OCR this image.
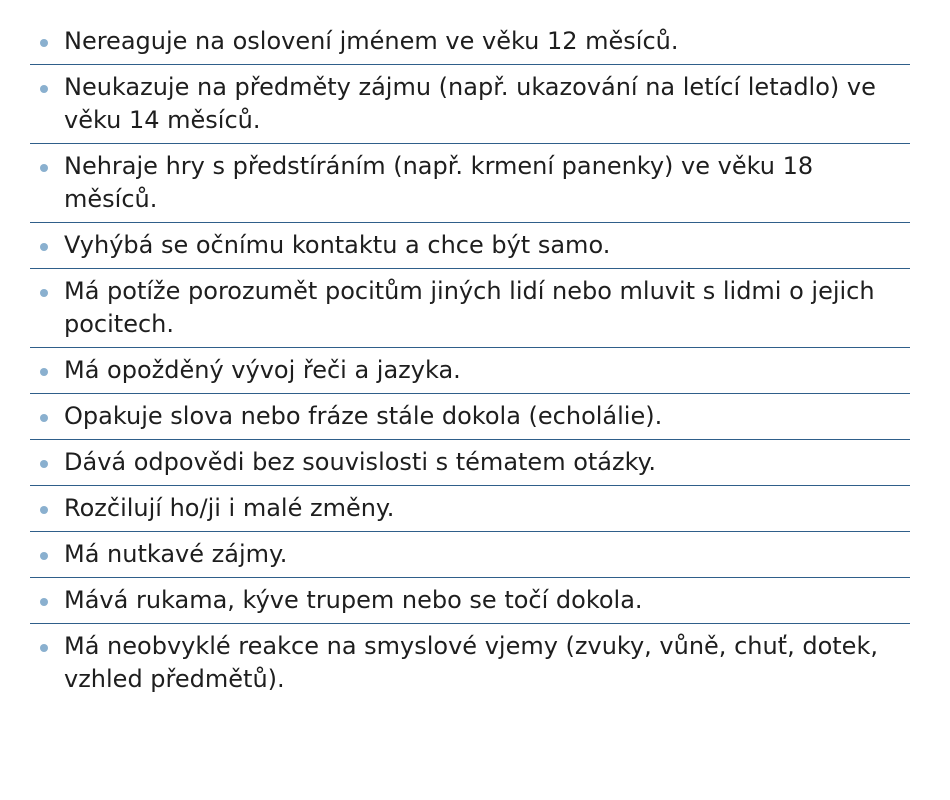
Nereaguje na oslovení jménem ve věku 12 měsíců.
Neukazuje na předměty zájmu (např. ukazování na letící letadlo) ve věku 14 měsíců.
Nehraje hry s předstíráním (např. krmení panenky) ve věku 18 měsíců.
Vyhýbá se očnímu kontaktu a chce být samo.
Má potíže porozumět pocitům jiných lidí nebo mluvit s lidmi o jejich pocitech.
Má opožděný vývoj řeči a jazyka.
Opakuje slova nebo fráze stále dokola (echolálie).
Dává odpovědi bez souvislosti s tématem otázky.
Rozčilují ho/ji i malé změny.
Má nutkavé zájmy.
Mává rukama, kýve trupem nebo se točí dokola.
Má neobvyklé reakce na smyslové vjemy (zvuky, vůně, chuť, dotek, vzhled předmětů).
